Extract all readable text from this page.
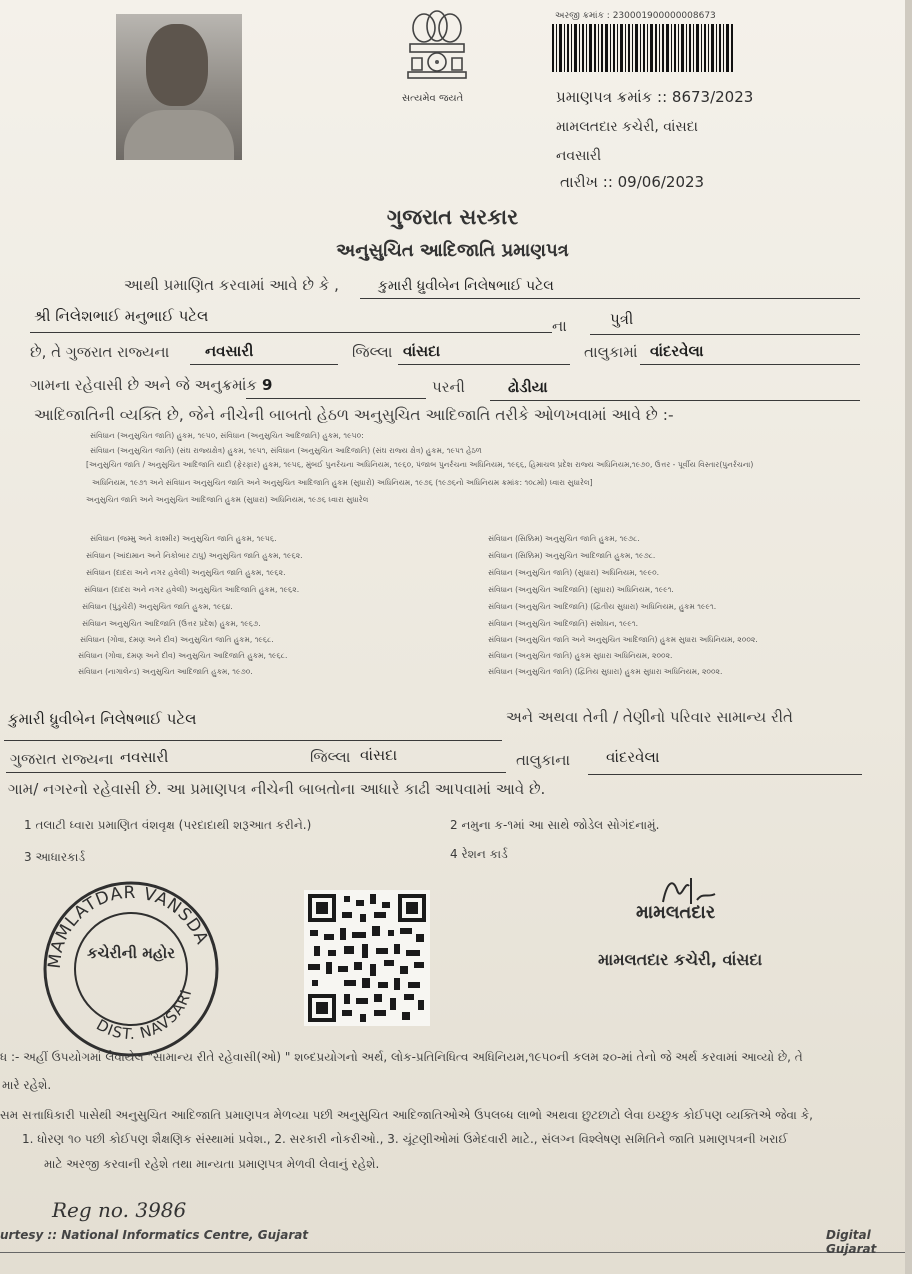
સત્યમેવ જયતે
અરજી ક્રમાંક : 230001900000008673
પ્રમાણપત્ર ક્રમાંક :: 8673/2023
મામલતદાર કચેરી, વાંસદા
નવસારી
તારીખ :: 09/06/2023
ગુજરાત સરકાર
અનુસુચિત આદિજાતિ પ્રમાણપત્ર
આથી પ્રમાણિત કરવામાં આવે છે કે ,	કુમારી ધ્રુવીબેન નિલેષભાઈ પટેલ
શ્રી નિલેશભાઈ મનુભાઈ પટેલ
ના	પુત્રી
છે, તે ગુજરાત રાજ્યના નવસારી	જિલ્લા વાંસદા	તાલુકામાં વાંદરવેલા
ગામના રહેવાસી છે અને જે અનુક્રમાંક 9	પરની	ઢોડીયા
આદિજાતિની વ્યક્તિ છે, જેને નીચેની બાબતો હેઠળ અનુસુચિત આદિજાતિ તરીકે ઓળખવામાં આવે છે :-
સંવિધાન (અનુસુચિત જાતિ) હુકમ, ૧૯૫૦, સંવિધાન (અનુસુચિત આદિજાતિ) હુકમ, ૧૯૫૦:
સંવિધાન (અનુસુચિત જાતિ) (સંઘ રાજ્યક્ષેત્ર) હુકમ, ૧૯૫૧, સંવિધાન (અનુસુચિત આદિજાતિ) (સંઘ રાજ્ય ક્ષેત્ર) હુકમ, ૧૯૫૧ હેઠળ
[અનુસુચિત જાતિ / અનુસુચિત આદિજાતિ યાદી (ફેરફાર) હુકમ, ૧૯૫૬, મુંબઈ પુનર્રચના અધિનિયમ, ૧૯૬૦, પંજાબ પુનર્રચના અધિનિયમ, ૧૯૬૬, હિમાચલ પ્રદેશ રાજ્ય અધિનિયમ,૧૯૭૦, ઉત્તર - પૂર્વીય વિસ્તાર(પુનર્રચના)
અધિનિયમ, ૧૯૭૧ અને સંવિધાન અનુસુચિત જાતિ અને અનુસુચિત આદિજાતિ હુકમ (સુધારો) અધિનિયમ, ૧૯૭૬ (૧૯૭૬નો અધિનિયમ ક્રમાંક: ૧૦૮મો) ધ્વારા સુધારેલ]
અનુસુચિત જાતિ અને અનુસુચિત આદિજાતિ હુકમ (સુધારા) અધિનિયમ, ૧૯૭૬ ધ્વારા સુધારેલ
સંવિધાન (જમ્મુ અને કાશ્મીર) અનુસુચિત જાતિ હુકમ, ૧૯૫૬.
સંવિધાન (આંદામાન અને નિકોબાર ટાપુ) અનુસુચિત જાતિ હુકમ, ૧૯૬૨.
સંવિધાન (દાદરા અને નગર હવેલી) અનુસુચિત જાતિ હુકમ, ૧૯૬૨.
સંવિધાન (દાદરા અને નગર હવેલી) અનુસુચિત આદિજાતિ હુકમ, ૧૯૬૨.
સંવિધાન (પુંડુચેરી) અનુસુચિત જાતિ હુકમ, ૧૯૬૪.
સંવિધાન અનુસુચિત આદિજાતિ (ઉત્તર પ્રદેશ) હુકમ, ૧૯૬૭.
સંવિધાન (ગોવા, દમણ અને દીવ) અનુસુચિત જાતિ હુકમ, ૧૯૬૮.
સંવિધાન (ગોવા, દમણ અને દીવ) અનુસુચિત આદિજાતિ હુકમ, ૧૯૬૮.
સંવિધાન (નાગાલેન્ડ) અનુસુચિત આદિજાતિ હુકમ, ૧૯૭૦.
સંવિધાન (સિક્કિમ) અનુસુચિત જાતિ હુકમ, ૧૯૭૮.
સંવિધાન (સિક્કિમ) અનુસુચિત આદિજાતિ હુકમ, ૧૯૭૮.
સંવિધાન (અનુસુચિત જાતિ) (સુધારા) અધિનિયમ, ૧૯૯૦.
સંવિધાન (અનુસુચિત આદિજાતિ) (સુધારા) અધિનિયમ, ૧૯૯૧.
સંવિધાન (અનુસુચિત આદિજાતિ) (દ્વિતીય સુધારા) અધિનિયમ, હુકમ ૧૯૯૧.
સંવિધાન (અનુસુચિત આદિજાતિ) સંશોધન, ૧૯૯૧.
સંવિધાન (અનુસુચિત જાતિ અને અનુસુચિત આદિજાતિ) હુકમ સુધારા અધિનિયમ, ૨૦૦૨.
સંવિધાન (અનુસુચિત જાતિ) હુકમ સુધારા અધિનિયમ, ૨૦૦૨.
સંવિધાન (અનુસુચિત જાતિ) (દ્વિતિય સુધારા) હુકમ સુધારા અધિનિયમ, ૨૦૦૨.
કુમારી ધ્રુવીબેન નિલેષભાઈ પટેલ	અને અથવા તેની / તેણીનો પરિવાર સામાન્ય રીતે
ગુજરાત રાજ્યના નવસારી	જિલ્લા વાંસદા	તાલુકાના વાંદરવેલા
ગામ/ નગરનો રહેવાસી છે. આ પ્રમાણપત્ર નીચેની બાબતોના આધારે કાઢી આપવામાં આવે છે.
1 તલાટી ધ્વારા પ્રમાણિત વંશવૃક્ષ (પરદાદાથી શરૂઆત કરીને.)	2 નમુના ક-૧માં આ સાથે જોડેલ સોગંદનામું.
3 આધારકાર્ડ	4 રેશન કાર્ડ
MAMLATDAR VANSDA
DIST. NAVSARI
કચેરીની મહોર
મામલતદાર
મામલતદાર કચેરી, વાંસદા
ધ :- અહીં ઉપયોગમાં લેવાયેલ "સામાન્ય રીતે રહેવાસી(ઓ) " શબ્દપ્રયોગનો અર્થ, લોક-પ્રતિનિધિત્વ અધિનિયમ,૧૯૫૦ની કલમ ૨૦-માં તેનો જે અર્થ કરવામાં આવ્યો છે, તે
મારે રહેશે.
સમ સત્તાધિકારી પાસેથી અનુસુચિત આદિજાતિ પ્રમાણપત્ર મેળવ્યા પછી અનુસુચિત આદિજાતિઓએ ઉપલબ્ધ લાભો અથવા છુટછાટો લેવા ઇચ્છુક કોઈપણ વ્યક્તિએ જેવા કે,
1. ધોરણ ૧૦ પછી કોઈપણ શૈક્ષણિક સંસ્થામાં પ્રવેશ., 2. સરકારી નોકરીઓ., 3. ચૂંટણીઓમાં ઉમેદવારી માટે., સંલગ્ન વિશ્લેષણ સમિતિને જાતિ પ્રમાણપત્રની ખરાઈ
માટે અરજી કરવાની રહેશે તથા માન્યતા પ્રમાણપત્ર મેળવી લેવાનું રહેશે.
Reg no. 3986
urtesy :: National Informatics Centre, Gujarat	Digital Gujarat
